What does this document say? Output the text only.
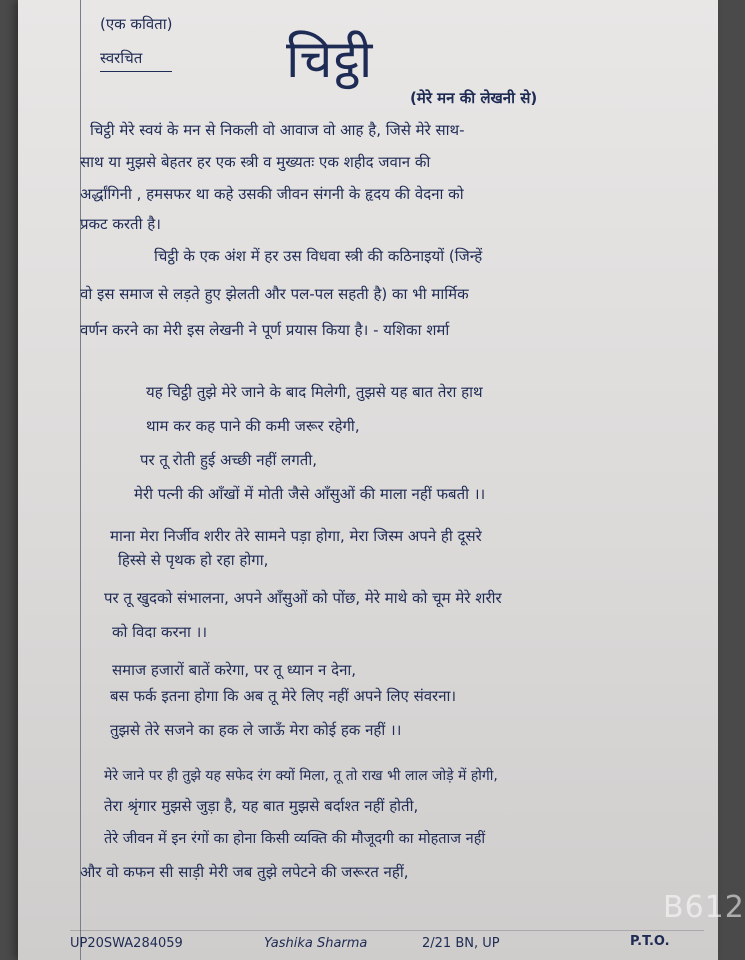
(एक कविता)
स्वरचित	चिट्ठी
(मेरे मन की लेखनी से)
चिट्ठी मेरे स्वयं के मन से निकली वो आवाज वो आह है, जिसे मेरे साथ-
साथ या मुझसे बेहतर हर एक स्त्री व मुख्यतः एक शहीद जवान की
अर्द्धांगिनी , हमसफर था कहे उसकी जीवन संगनी के हृदय की वेदना को
प्रकट करती है।
चिट्ठी के एक अंश में हर उस विधवा स्त्री की कठिनाइयों (जिन्हें
वो इस समाज से लड़ते हुए झेलती और पल-पल सहती है) का भी मार्मिक
वर्णन करने का मेरी इस लेखनी ने पूर्ण प्रयास किया है। - यशिका शर्मा
यह चिट्ठी तुझे मेरे जाने के बाद मिलेगी, तुझसे यह बात तेरा हाथ
थाम कर कह पाने की कमी जरूर रहेगी,
पर तू रोती हुई अच्छी नहीं लगती,
मेरी पत्नी की आँखों में मोती जैसे आँसुओं की माला नहीं फबती ।।
माना मेरा निर्जीव शरीर तेरे सामने पड़ा होगा, मेरा जिस्म अपने ही दूसरे
हिस्से से पृथक हो रहा होगा,
पर तू खुदको संभालना, अपने आँसुओं को पोंछ, मेरे माथे को चूम मेरे शरीर
को विदा करना ।।
समाज हजारों बातें करेगा, पर तू ध्यान न देना,
बस फर्क इतना होगा कि अब तू मेरे लिए नहीं अपने लिए संवरना।
तुझसे तेरे सजने का हक ले जाऊँ मेरा कोई हक नहीं ।।
मेरे जाने पर ही तुझे यह सफेद रंग क्यों मिला, तू तो राख भी लाल जोड़े में होगी,
तेरा श्रृंगार मुझसे जुड़ा है, यह बात मुझसे बर्दाश्त नहीं होती,
तेरे जीवन में इन रंगों का होना किसी व्यक्ति की मौजूदगी का मोहताज नहीं
और वो कफन सी साड़ी मेरी जब तुझे लपेटने की जरूरत नहीं,
B612
UP20SWA284059	Yashika Sharma	2/21 BN, UP	P.T.O.
